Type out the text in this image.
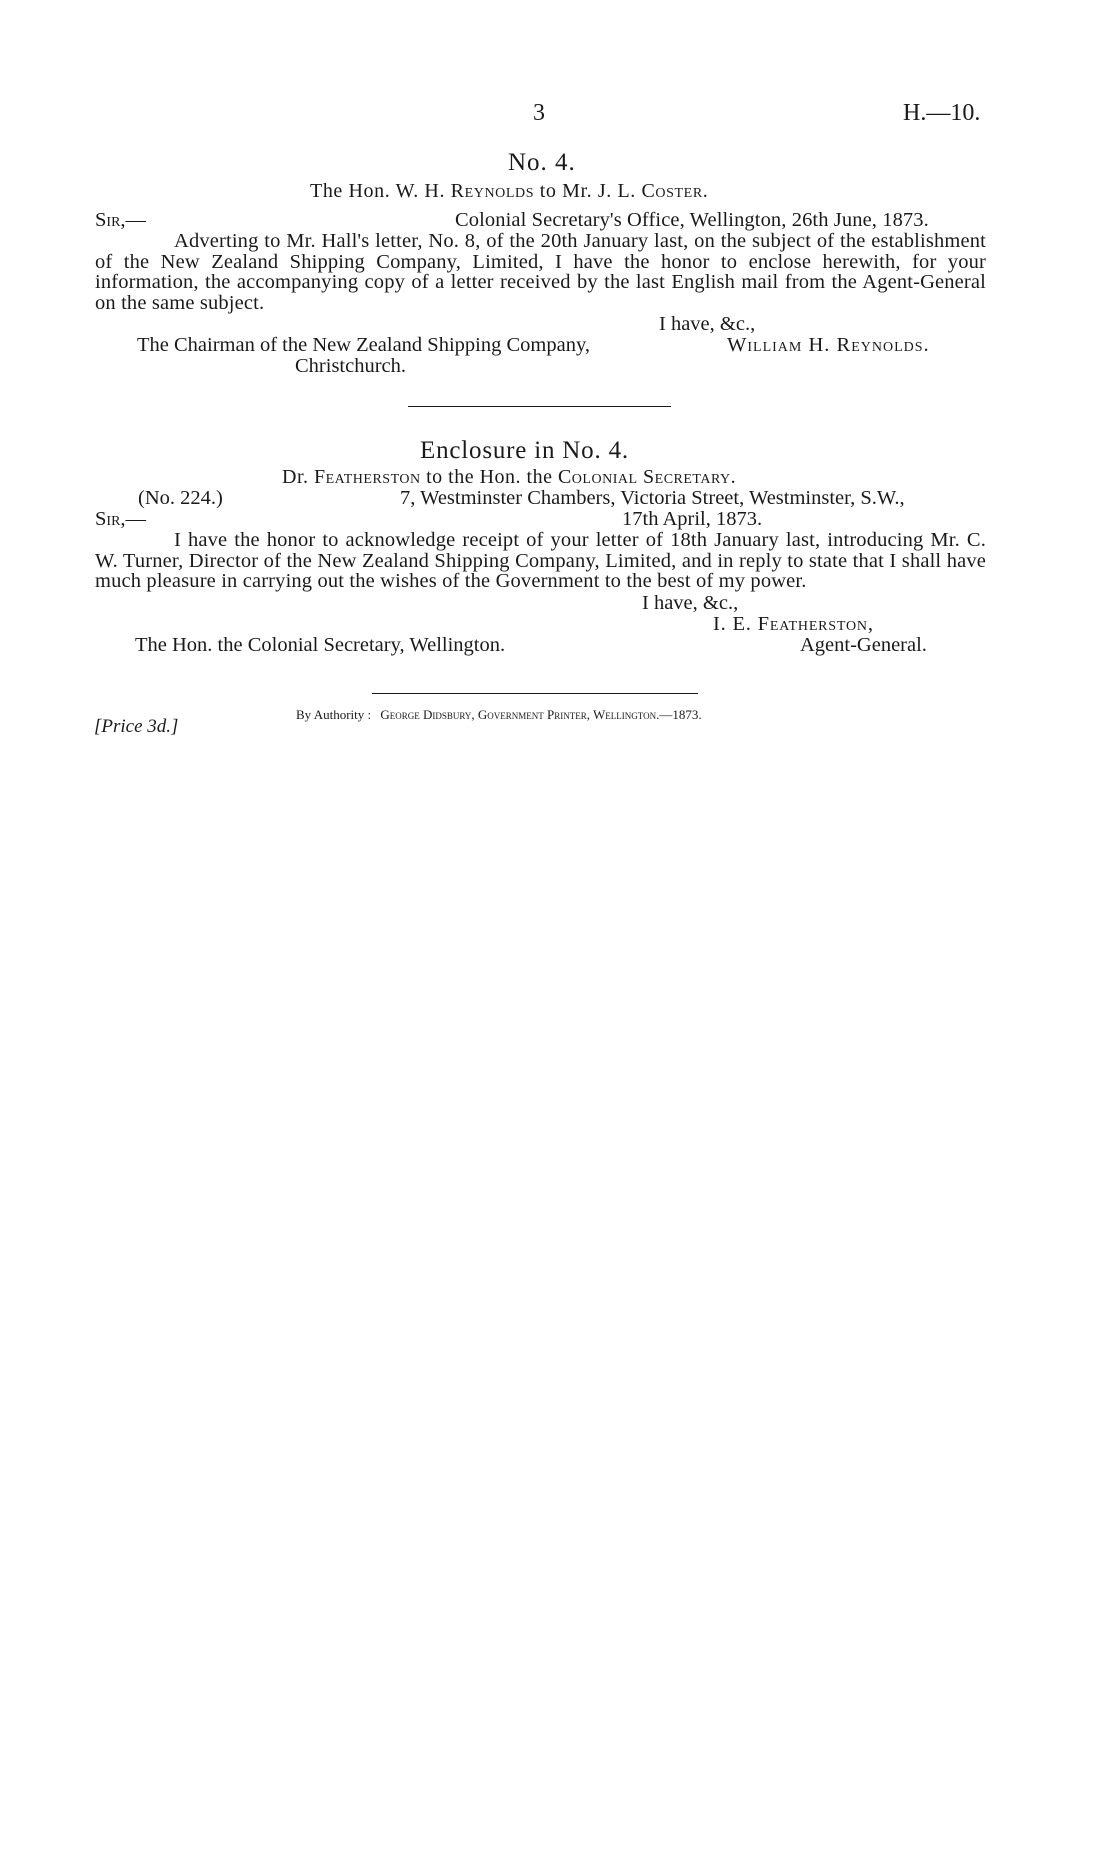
3	H.—10.
No. 4.
The Hon. W. H. Reynolds to Mr. J. L. Coster.
Sir,—	Colonial Secretary's Office, Wellington, 26th June, 1873.

Adverting to Mr. Hall's letter, No. 8, of the 20th January last, on the subject of the establishment of the New Zealand Shipping Company, Limited, I have the honor to enclose herewith, for your information, the accompanying copy of a letter received by the last English mail from the Agent-General on the same subject.

I have, &c.,
The Chairman of the New Zealand Shipping Company,	William H. Reynolds.
Christchurch.
Enclosure in No. 4.
Dr. Featherston to the Hon. the Colonial Secretary.
(No. 224.)	7, Westminster Chambers, Victoria Street, Westminster, S.W.,
Sir,—	17th April, 1873.

I have the honor to acknowledge receipt of your letter of 18th January last, introducing Mr. C. W. Turner, Director of the New Zealand Shipping Company, Limited, and in reply to state that I shall have much pleasure in carrying out the wishes of the Government to the best of my power.

I have, &c.,
I. E. Featherston,
The Hon. the Colonial Secretary, Wellington.	Agent-General.
By Authority : George Didsbury, Government Printer, Wellington.—1873.
[Price 3d.]
